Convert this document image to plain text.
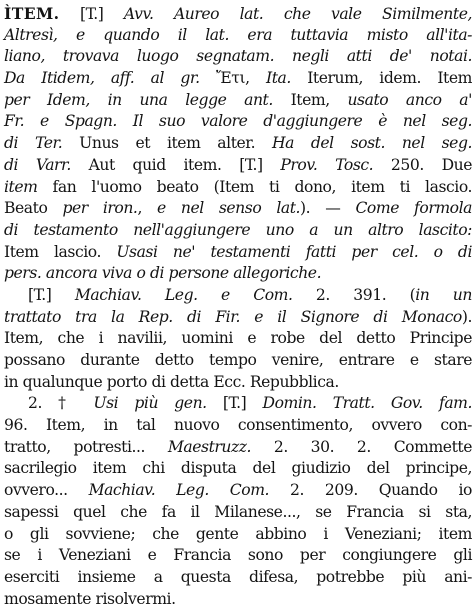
ÌTEM. [T.] Avv. Aureo lat. che vale Similmente,
Altresì, e quando il lat. era tuttavia misto all'ita-
liano, trovava luogo segnatam. negli atti de' notai.
Da Itidem, aff. al gr. Ἔτι, Ita. Iterum, idem. Item
per Idem, in una legge ant. Item, usato anco a'
Fr. e Spagn. Il suo valore d'aggiungere è nel seg.
di Ter. Unus et item alter. Ha del sost. nel seg.
di Varr. Aut quid item. [T.] Prov. Tosc. 250. Due
item fan l'uomo beato (Item ti dono, item ti lascio.
Beato per iron., e nel senso lat.). — Come formola
di testamento nell'aggiungere uno a un altro lascito:
Item lascio. Usasi ne' testamenti fatti per cel. o di
pers. ancora viva o di persone allegoriche.
[T.] Machiav. Leg. e Com. 2. 391. (in un
trattato tra la Rep. di Fir. e il Signore di Monaco).
Item, che i navilii, uomini e robe del detto Principe
possano durante detto tempo venire, entrare e stare
in qualunque porto di detta Ecc. Repubblica.
2. † Usi più gen. [T.] Domin. Tratt. Gov. fam.
96. Item, in tal nuovo consentimento, ovvero con-
tratto, potresti... Maestruzz. 2. 30. 2. Commette
sacrilegio item chi disputa del giudizio del principe,
ovvero... Machiav. Leg. Com. 2. 209. Quando io
sapessi quel che fa il Milanese..., se Francia si sta,
o gli sovviene; che gente abbino i Veneziani; item
se i Veneziani e Francia sono per congiungere gli
eserciti insieme a questa difesa, potrebbe più ani-
mosamente risolvermi.
